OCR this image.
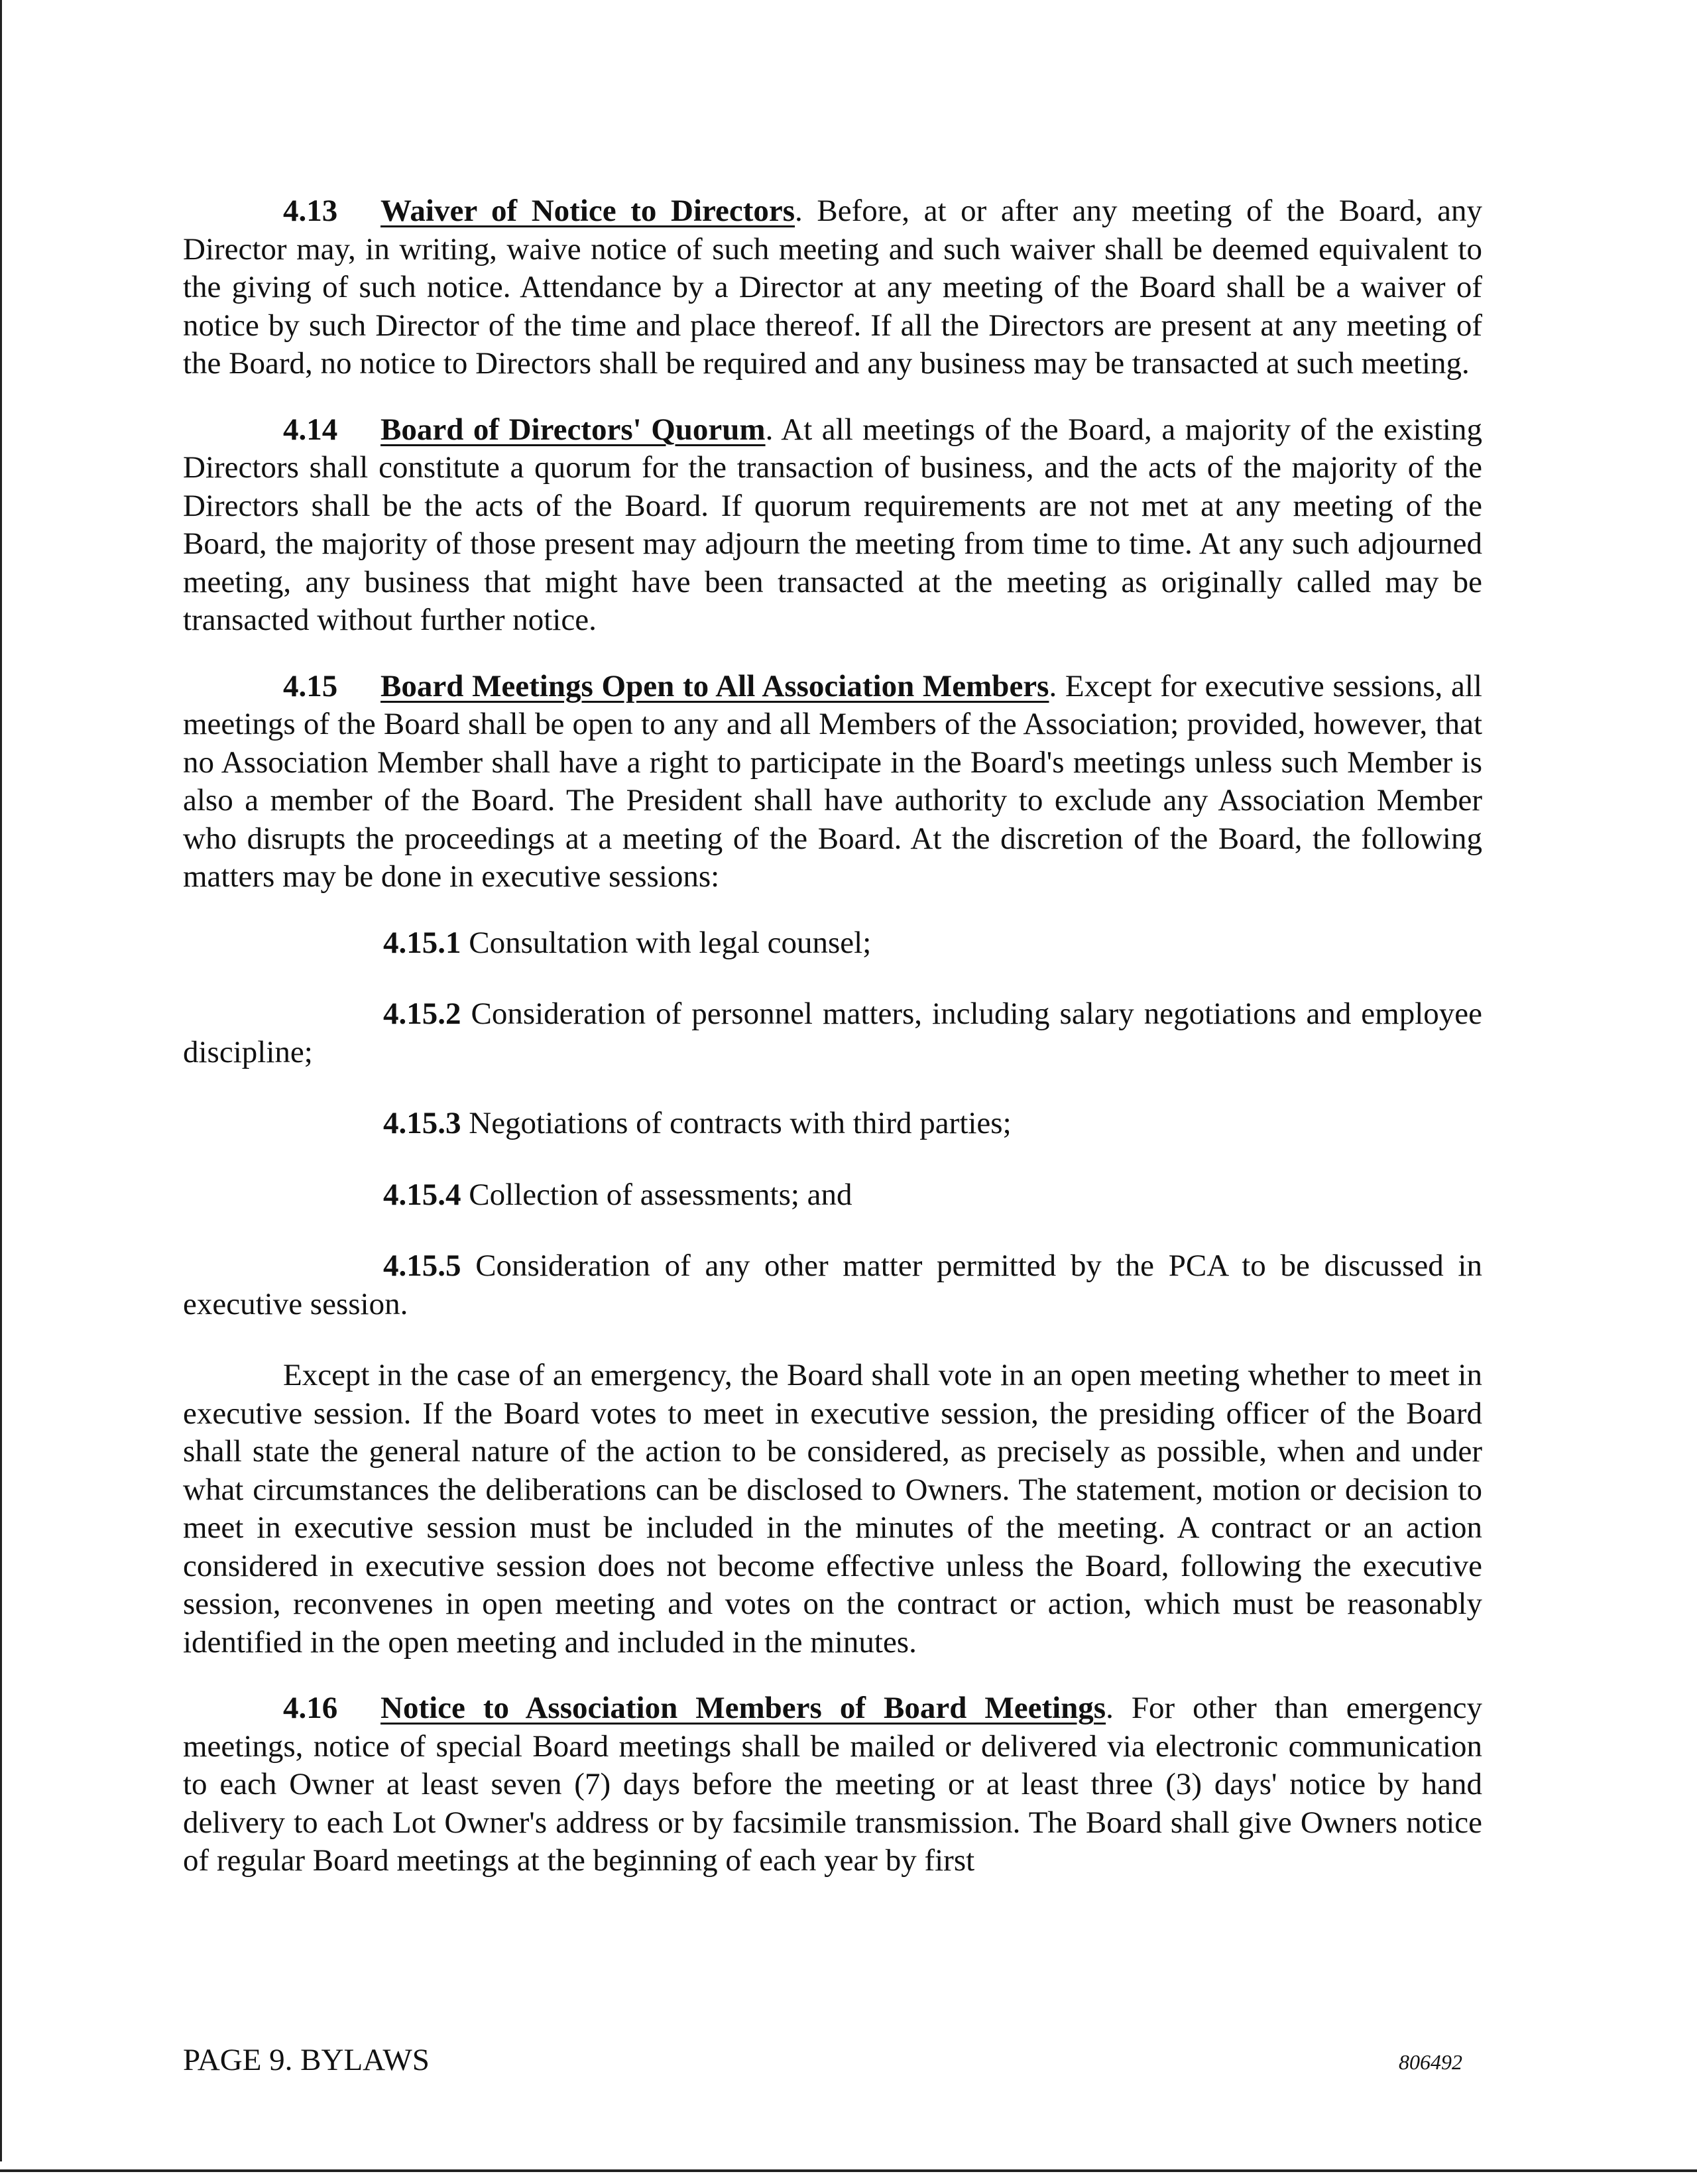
4.13 Waiver of Notice to Directors. Before, at or after any meeting of the Board, any Director may, in writing, waive notice of such meeting and such waiver shall be deemed equivalent to the giving of such notice. Attendance by a Director at any meeting of the Board shall be a waiver of notice by such Director of the time and place thereof. If all the Directors are present at any meeting of the Board, no notice to Directors shall be required and any business may be transacted at such meeting.

4.14 Board of Directors' Quorum. At all meetings of the Board, a majority of the existing Directors shall constitute a quorum for the transaction of business, and the acts of the majority of the Directors shall be the acts of the Board. If quorum requirements are not met at any meeting of the Board, the majority of those present may adjourn the meeting from time to time. At any such adjourned meeting, any business that might have been transacted at the meeting as originally called may be transacted without further notice.

4.15 Board Meetings Open to All Association Members. Except for executive sessions, all meetings of the Board shall be open to any and all Members of the Association; provided, however, that no Association Member shall have a right to participate in the Board's meetings unless such Member is also a member of the Board. The President shall have authority to exclude any Association Member who disrupts the proceedings at a meeting of the Board. At the discretion of the Board, the following matters may be done in executive sessions:

4.15.1 Consultation with legal counsel;

4.15.2 Consideration of personnel matters, including salary negotiations and employee discipline;

4.15.3 Negotiations of contracts with third parties;

4.15.4 Collection of assessments; and

4.15.5 Consideration of any other matter permitted by the PCA to be discussed in executive session.

Except in the case of an emergency, the Board shall vote in an open meeting whether to meet in executive session. If the Board votes to meet in executive session, the presiding officer of the Board shall state the general nature of the action to be considered, as precisely as possible, when and under what circumstances the deliberations can be disclosed to Owners. The statement, motion or decision to meet in executive session must be included in the minutes of the meeting. A contract or an action considered in executive session does not become effective unless the Board, following the executive session, reconvenes in open meeting and votes on the contract or action, which must be reasonably identified in the open meeting and included in the minutes.

4.16 Notice to Association Members of Board Meetings. For other than emergency meetings, notice of special Board meetings shall be mailed or delivered via electronic communication to each Owner at least seven (7) days before the meeting or at least three (3) days' notice by hand delivery to each Lot Owner's address or by facsimile transmission. The Board shall give Owners notice of regular Board meetings at the beginning of each year by first

PAGE 9. BYLAWS	806492
